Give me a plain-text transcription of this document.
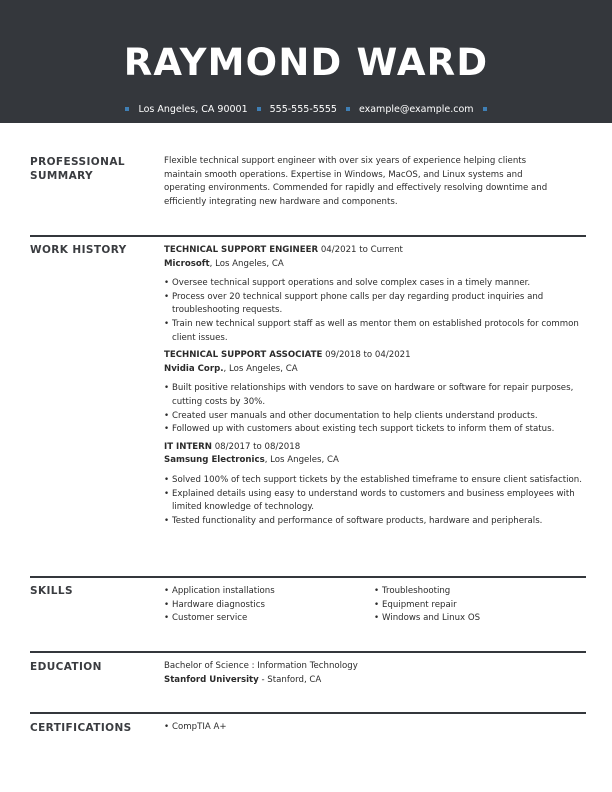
RAYMOND WARD
Los Angeles, CA 90001 555-555-5555 example@example.com
PROFESSIONAL
SUMMARY

Flexible technical support engineer with over six years of experience helping clients

maintain smooth operations. Expertise in Windows, MacOS, and Linux systems and

operating environments. Commended for rapidly and effectively resolving downtime and

efficiently integrating new hardware and components.

WORK HISTORY	TECHNICAL SUPPORT ENGINEER 04/2021 to Current
Microsoft, Los Angeles, CA
• Oversee technical support operations and solve complex cases in a timely manner.
• Process over 20 technical support phone calls per day regarding product inquiries and troubleshooting requests.
• Train new technical support staff as well as mentor them on established protocols for common client issues.
TECHNICAL SUPPORT ASSOCIATE 09/2018 to 04/2021
Nvidia Corp., Los Angeles, CA
• Built positive relationships with vendors to save on hardware or software for repair purposes, cutting costs by 30%.
• Created user manuals and other documentation to help clients understand products.
• Followed up with customers about existing tech support tickets to inform them of status.
IT INTERN 08/2017 to 08/2018
Samsung Electronics, Los Angeles, CA
• Solved 100% of tech support tickets by the established timeframe to ensure client satisfaction.
• Explained details using easy to understand words to customers and business employees with limited knowledge of technology.
• Tested functionality and performance of software products, hardware and peripherals.
SKILLS	• Application installations
• Hardware diagnostics
• Customer service
• Troubleshooting
• Equipment repair
• Windows and Linux OS
EDUCATION	Bachelor of Science : Information Technology
Stanford University - Stanford, CA
CERTIFICATIONS	• CompTIA A+
